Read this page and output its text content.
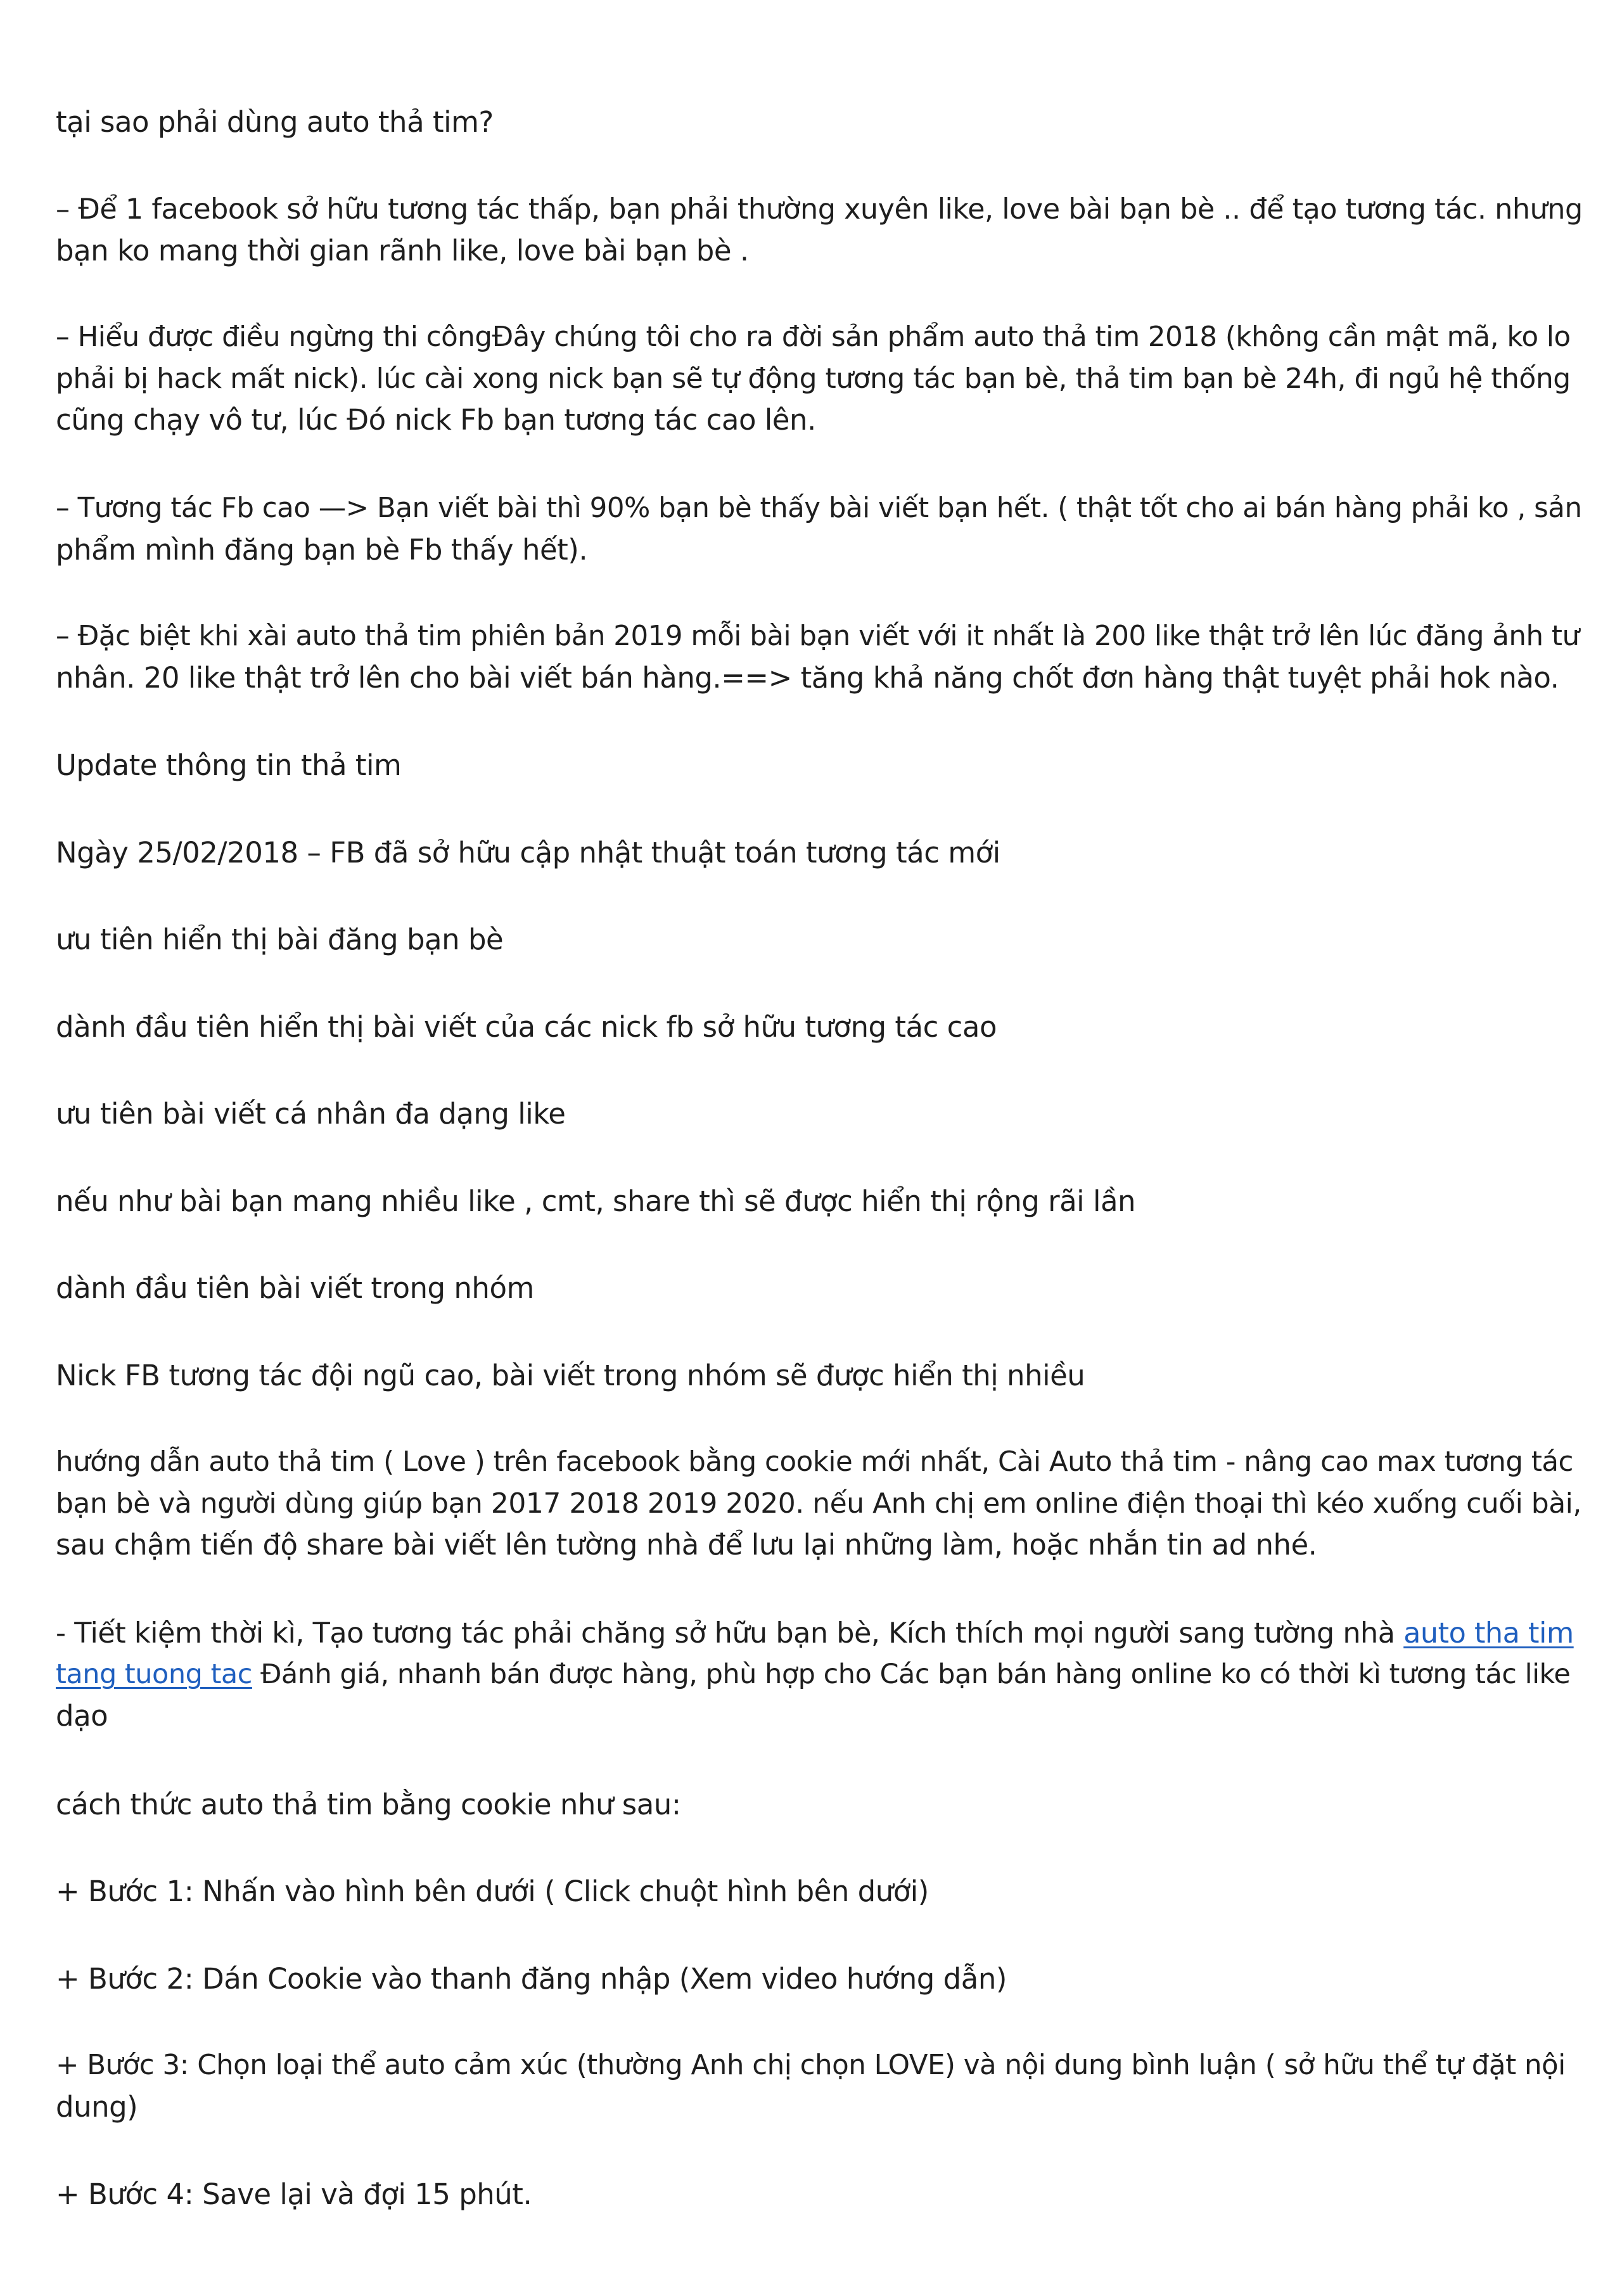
tại sao phải dùng auto thả tim?

– Để 1 facebook sở hữu tương tác thấp, bạn phải thường xuyên like, love bài bạn bè .. để tạo tương tác. nhưng
bạn ko mang thời gian rãnh like, love bài bạn bè .

– Hiểu được điều ngừng thi côngĐây chúng tôi cho ra đời sản phẩm auto thả tim 2018 (không cần mật mã, ko lo
phải bị hack mất nick). lúc cài xong nick bạn sẽ tự động tương tác bạn bè, thả tim bạn bè 24h, đi ngủ hệ thống
cũng chạy vô tư, lúc Đó nick Fb bạn tương tác cao lên.

– Tương tác Fb cao —> Bạn viết bài thì 90% bạn bè thấy bài viết bạn hết. ( thật tốt cho ai bán hàng phải ko , sản
phẩm mình đăng bạn bè Fb thấy hết).

– Đặc biệt khi xài auto thả tim phiên bản 2019 mỗi bài bạn viết với it nhất là 200 like thật trở lên lúc đăng ảnh tư
nhân. 20 like thật trở lên cho bài viết bán hàng.==> tăng khả năng chốt đơn hàng thật tuyệt phải hok nào.

Update thông tin thả tim

Ngày 25/02/2018 – FB đã sở hữu cập nhật thuật toán tương tác mới

ưu tiên hiển thị bài đăng bạn bè

dành đầu tiên hiển thị bài viết của các nick fb sở hữu tương tác cao

ưu tiên bài viết cá nhân đa dạng like

nếu như bài bạn mang nhiều like , cmt, share thì sẽ được hiển thị rộng rãi lần

dành đầu tiên bài viết trong nhóm

Nick FB tương tác đội ngũ cao, bài viết trong nhóm sẽ được hiển thị nhiều

hướng dẫn auto thả tim ( Love ) trên facebook bằng cookie mới nhất, Cài Auto thả tim - nâng cao max tương tác
bạn bè và người dùng giúp bạn 2017 2018 2019 2020. nếu Anh chị em online điện thoại thì kéo xuống cuối bài,
sau chậm tiến độ share bài viết lên tường nhà để lưu lại những làm, hoặc nhắn tin ad nhé.

- Tiết kiệm thời kì, Tạo tương tác phải chăng sở hữu bạn bè, Kích thích mọi người sang tường nhà auto tha tim
tang tuong tac Đánh giá, nhanh bán được hàng, phù hợp cho Các bạn bán hàng online ko có thời kì tương tác like
dạo

cách thức auto thả tim bằng cookie như sau:

+ Bước 1: Nhấn vào hình bên dưới ( Click chuột hình bên dưới)

+ Bước 2: Dán Cookie vào thanh đăng nhập (Xem video hướng dẫn)

+ Bước 3: Chọn loại thể auto cảm xúc (thường Anh chị chọn LOVE) và nội dung bình luận ( sở hữu thể tự đặt nội
dung)

+ Bước 4: Save lại và đợi 15 phút.
